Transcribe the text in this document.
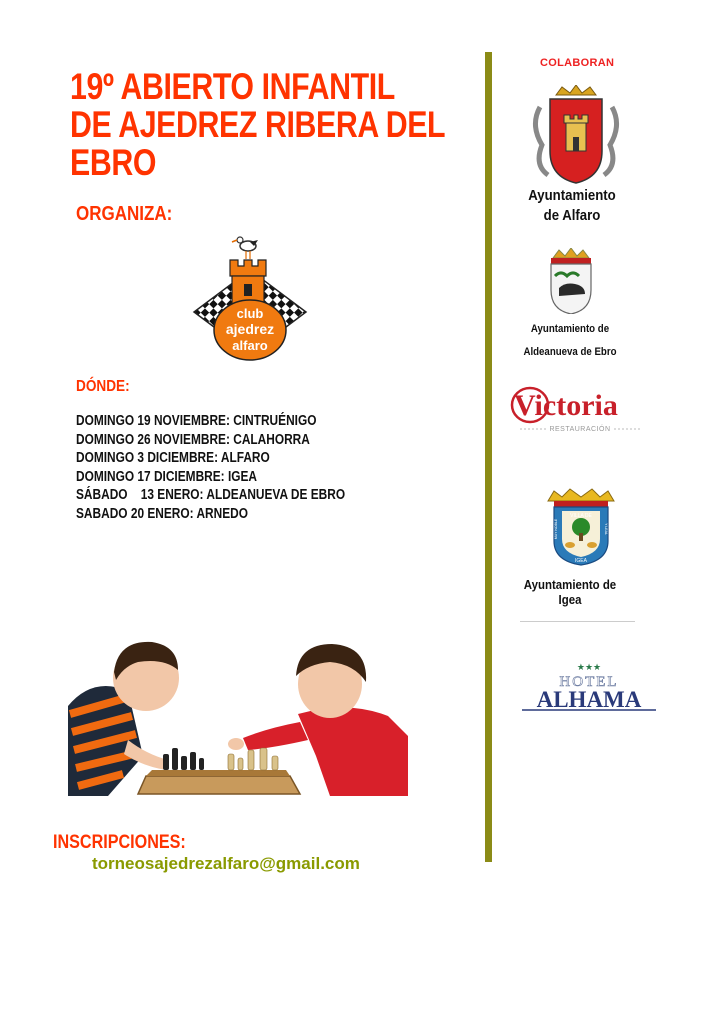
19º ABIERTO INFANTIL
DE AJEDREZ RIBERA DEL
EBRO
ORGANIZA:
club
ajedrez
alfaro
DÓNDE:
DOMINGO 19 NOVIEMBRE: CINTRUÉNIGO
DOMINGO 26 NOVIEMBRE: CALAHORRA
DOMINGO 3 DICIEMBRE: ALFARO
DOMINGO 17 DICIEMBRE: IGEA
SÁBADO    13 ENERO: ALDEANUEVA DE EBRO
SABADO 20 ENERO: ARNEDO
INSCRIPCIONES:
torneosajedrezalfaro@gmail.com
COLABORAN
Ayuntamiento
de Alfaro
Ayuntamiento de
Aldeanueva de Ebro
Victoria
RESTAURACIÓN
VILLA DE
MUY NOBLE	Y LEAL
IGEA
Ayuntamiento de Igea
★★★
HOTEL
ALHAMA
